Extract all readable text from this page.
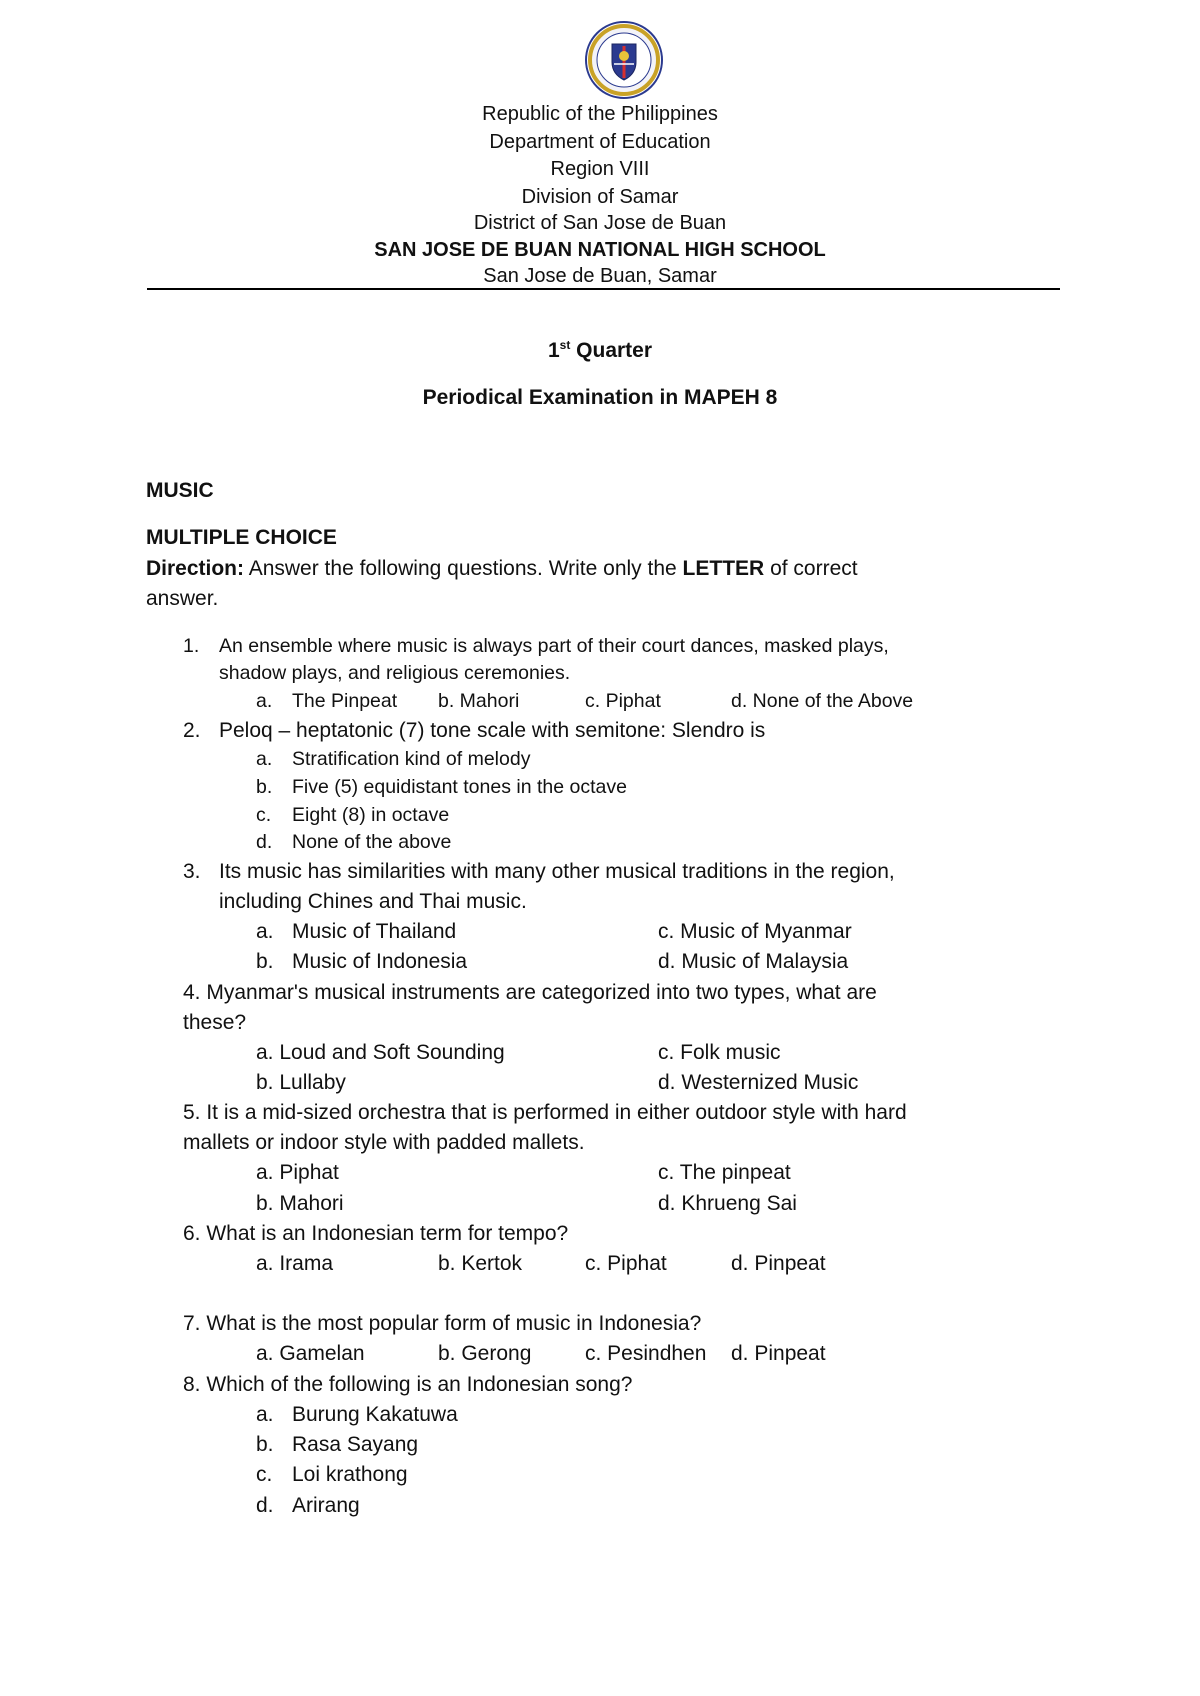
Republic of the Philippines
Department of Education
Region VIII
Division of Samar
District of San Jose de Buan
SAN JOSE DE BUAN NATIONAL HIGH SCHOOL
San Jose de Buan, Samar
1st Quarter
Periodical Examination in MAPEH 8
MUSIC
MULTIPLE CHOICE
Direction: Answer the following questions. Write only the LETTER of correct
answer.
1. An ensemble where music is always part of their court dances, masked plays,
shadow plays, and religious ceremonies.
a. The Pinpeat b. Mahori	c. Piphat	d. None of the Above
2. Peloq – heptatonic (7) tone scale with semitone: Slendro is
a. Stratification kind of melody
b. Five (5) equidistant tones in the octave
c. Eight (8) in octave
d. None of the above
3. Its music has similarities with many other musical traditions in the region,
including Chines and Thai music.
a. Music of Thailand	c. Music of Myanmar
b. Music of Indonesia	d. Music of Malaysia
4. Myanmar's musical instruments are categorized into two types, what are
these?
a. Loud and Soft Sounding	c. Folk music
b. Lullaby	d. Westernized Music
5. It is a mid-sized orchestra that is performed in either outdoor style with hard
mallets or indoor style with padded mallets.
a. Piphat	c. The pinpeat
b. Mahori	d. Khrueng Sai
6. What is an Indonesian term for tempo?
a. Irama	b. Kertok	c. Piphat	d. Pinpeat
7. What is the most popular form of music in Indonesia?
a. Gamelan	b. Gerong	c. Pesindhen d. Pinpeat
8. Which of the following is an Indonesian song?
a. Burung Kakatuwa
b. Rasa Sayang
c. Loi krathong
d. Arirang
